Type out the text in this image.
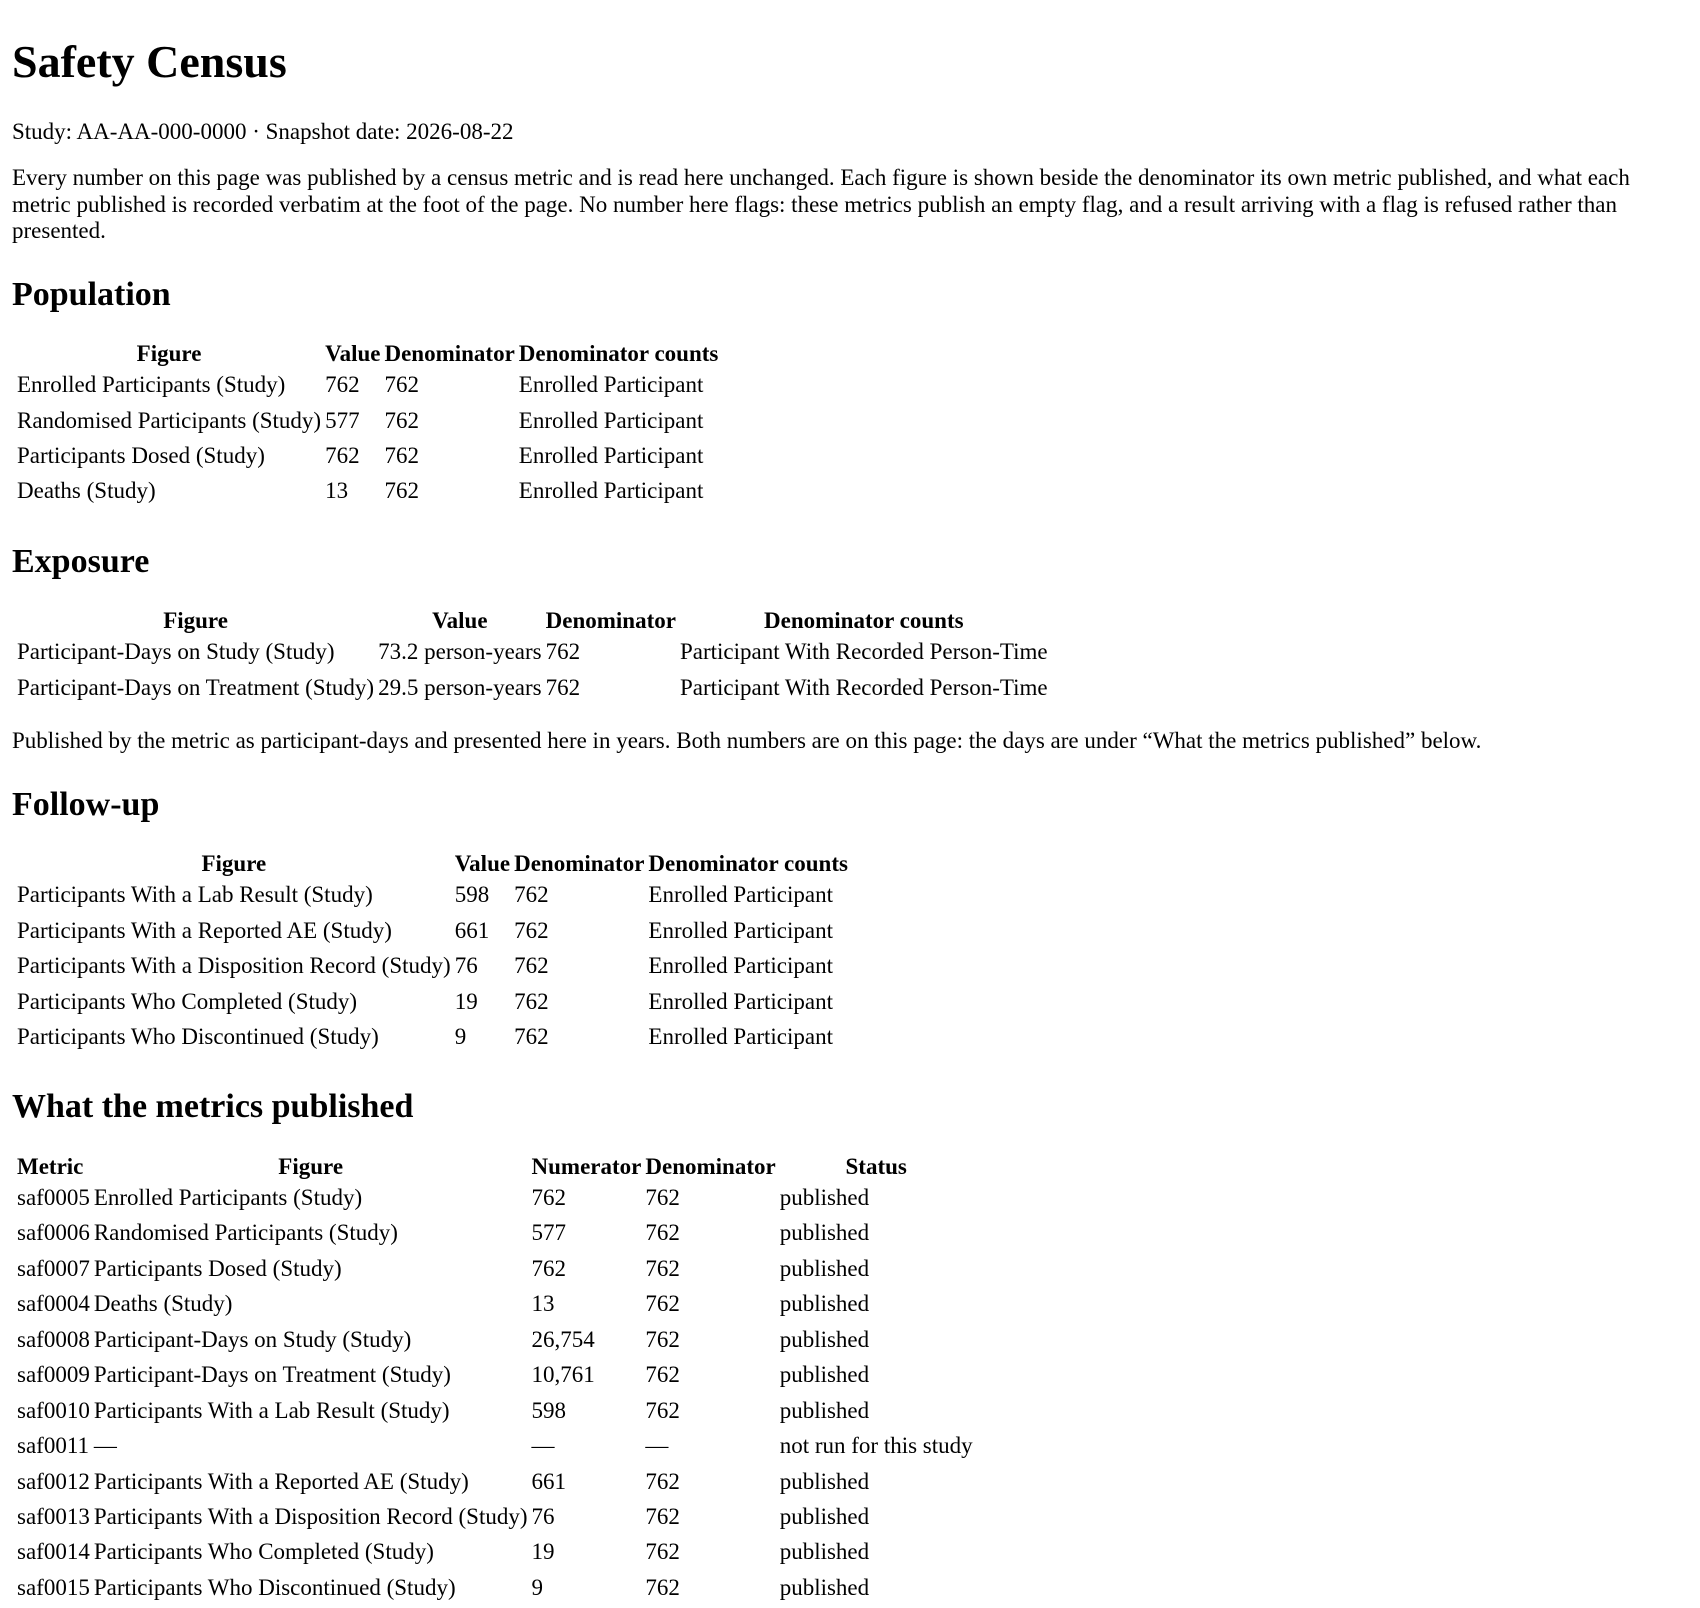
Safety Census

Study: AA-AA-000-0000 · Snapshot date: 2026-08-22

Every number on this page was published by a census metric and is read here unchanged. Each figure is shown beside the denominator its own metric published, and what each metric published is recorded verbatim at the foot of the page. No number here flags: these metrics publish an empty flag, and a result arriving with a flag is refused rather than presented.

Population
Figure	Value	Denominator	Denominator counts
Enrolled Participants (Study)	762	762	Enrolled Participant
Randomised Participants (Study)	577	762	Enrolled Participant
Participants Dosed (Study)	762	762	Enrolled Participant
Deaths (Study)	13	762	Enrolled Participant
Exposure
Figure	Value	Denominator	Denominator counts
Participant-Days on Study (Study)	73.2 person-years	762	Participant With Recorded Person-Time
Participant-Days on Treatment (Study)	29.5 person-years	762	Participant With Recorded Person-Time

Published by the metric as participant-days and presented here in years. Both numbers are on this page: the days are under “What the metrics published” below.

Follow-up
Figure	Value	Denominator	Denominator counts
Participants With a Lab Result (Study)	598	762	Enrolled Participant
Participants With a Reported AE (Study)	661	762	Enrolled Participant
Participants With a Disposition Record (Study)	76	762	Enrolled Participant
Participants Who Completed (Study)	19	762	Enrolled Participant
Participants Who Discontinued (Study)	9	762	Enrolled Participant
What the metrics published
Metric	Figure	Numerator	Denominator	Status
saf0005	Enrolled Participants (Study)	762	762	published
saf0006	Randomised Participants (Study)	577	762	published
saf0007	Participants Dosed (Study)	762	762	published
saf0004	Deaths (Study)	13	762	published
saf0008	Participant-Days on Study (Study)	26,754	762	published
saf0009	Participant-Days on Treatment (Study)	10,761	762	published
saf0010	Participants With a Lab Result (Study)	598	762	published
saf0011	—	—	—	not run for this study
saf0012	Participants With a Reported AE (Study)	661	762	published
saf0013	Participants With a Disposition Record (Study)	76	762	published
saf0014	Participants Who Completed (Study)	19	762	published
saf0015	Participants Who Discontinued (Study)	9	762	published
